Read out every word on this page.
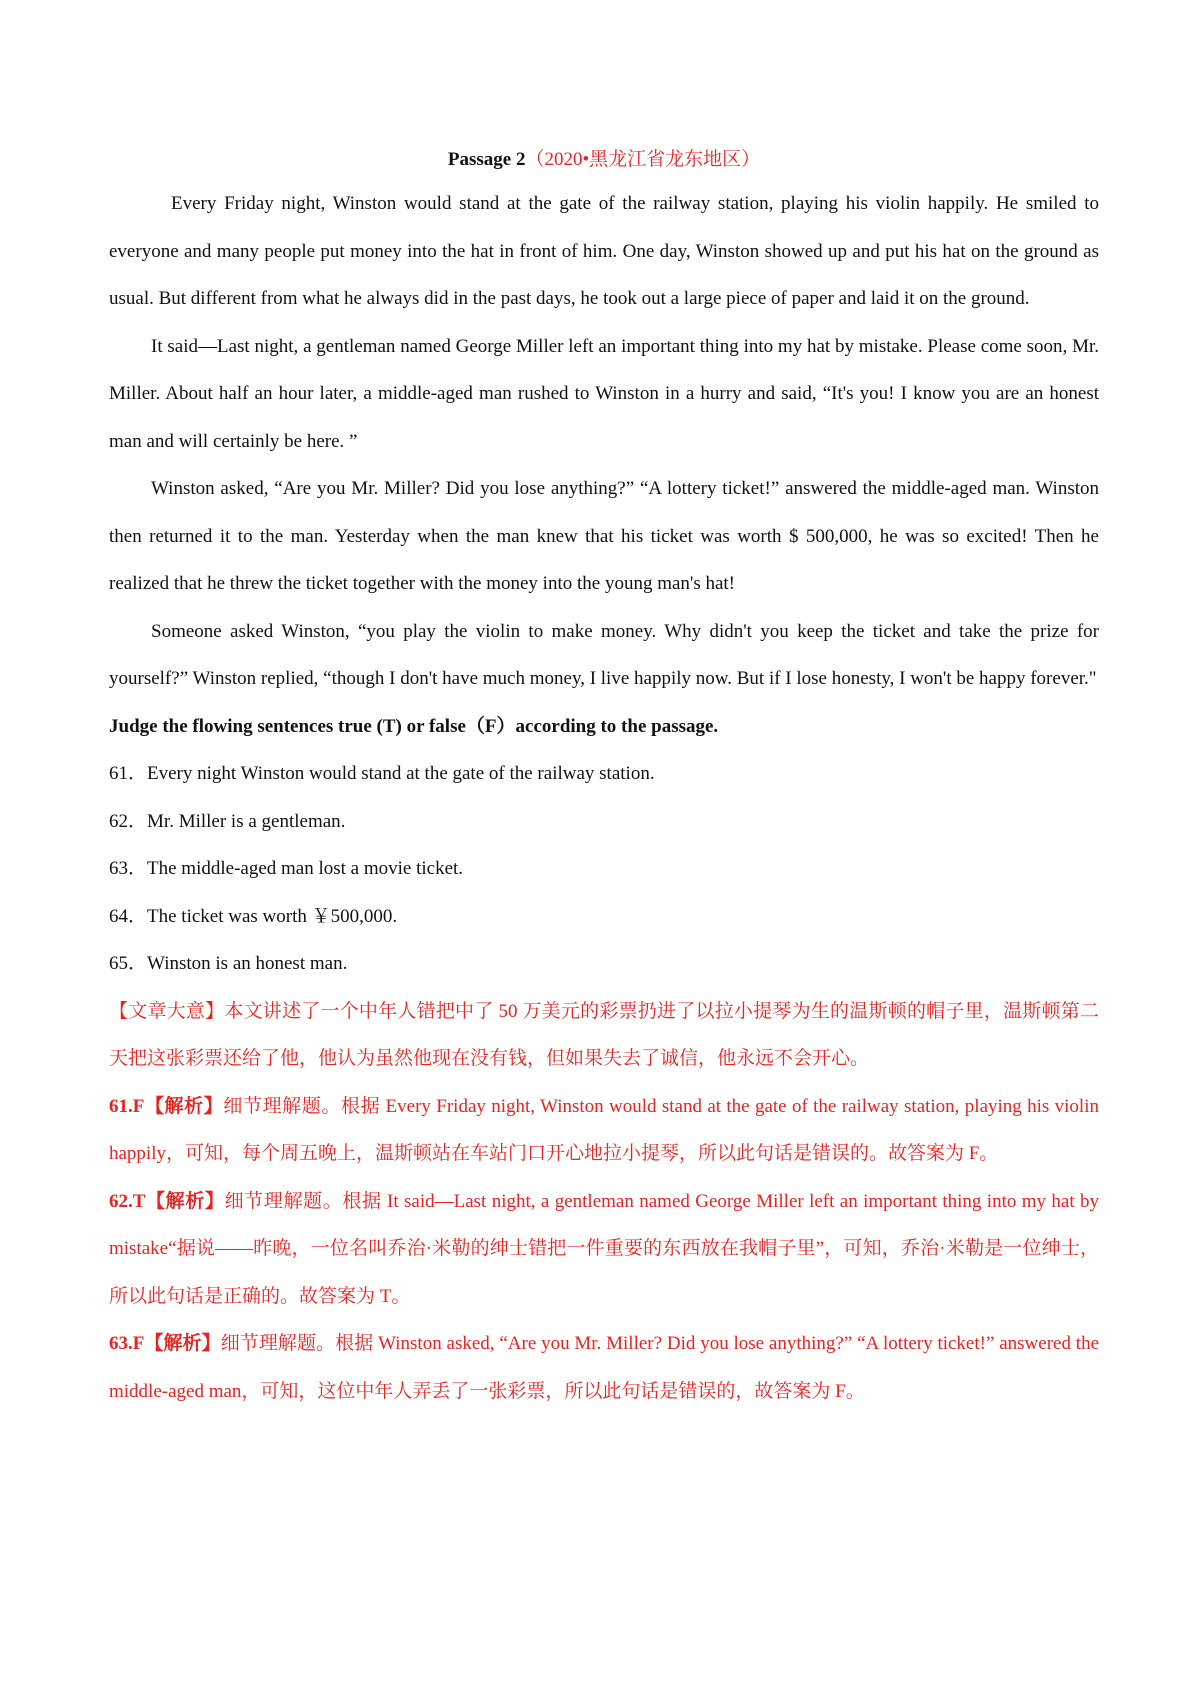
Passage 2（2020•黑龙江省龙东地区）

Every Friday night, Winston would stand at the gate of the railway station, playing his violin happily. He smiled to everyone and many people put money into the hat in front of him. One day, Winston showed up and put his hat on the ground as usual. But different from what he always did in the past days, he took out a large piece of paper and laid it on the ground.

It said—Last night, a gentleman named George Miller left an important thing into my hat by mistake. Please come soon, Mr. Miller. About half an hour later, a middle-aged man rushed to Winston in a hurry and said, “It's you! I know you are an honest man and will certainly be here. ”

Winston asked, “Are you Mr. Miller? Did you lose anything?” “A lottery ticket!” answered the middle-aged man. Winston then returned it to the man. Yesterday when the man knew that his ticket was worth $ 500,000, he was so excited! Then he realized that he threw the ticket together with the money into the young man's hat!

Someone asked Winston, “you play the violin to make money. Why didn't you keep the ticket and take the prize for yourself?” Winston replied, “though I don't have much money, I live happily now. But if I lose honesty, I won't be happy forever."

Judge the flowing sentences true (T) or false（F）according to the passage.

61．Every night Winston would stand at the gate of the railway station.

62．Mr. Miller is a gentleman.

63．The middle-aged man lost a movie ticket.

64．The ticket was worth ￥500,000.

65．Winston is an honest man.

【文章大意】本文讲述了一个中年人错把中了 50 万美元的彩票扔进了以拉小提琴为生的温斯顿的帽子里，温斯顿第二天把这张彩票还给了他，他认为虽然他现在没有钱，但如果失去了诚信，他永远不会开心。

61.F【解析】细节理解题。根据 Every Friday night, Winston would stand at the gate of the railway station, playing his violin happily，可知，每个周五晚上，温斯顿站在车站门口开心地拉小提琴，所以此句话是错误的。故答案为 F。

62.T【解析】细节理解题。根据 It said—Last night, a gentleman named George Miller left an important thing into my hat by mistake“据说——昨晚，一位名叫乔治·米勒的绅士错把一件重要的东西放在我帽子里”，可知，乔治·米勒是一位绅士，所以此句话是正确的。故答案为 T。

63.F【解析】细节理解题。根据 Winston asked, “Are you Mr. Miller? Did you lose anything?” “A lottery ticket!” answered the middle-aged man，可知，这位中年人弄丢了一张彩票，所以此句话是错误的，故答案为 F。
